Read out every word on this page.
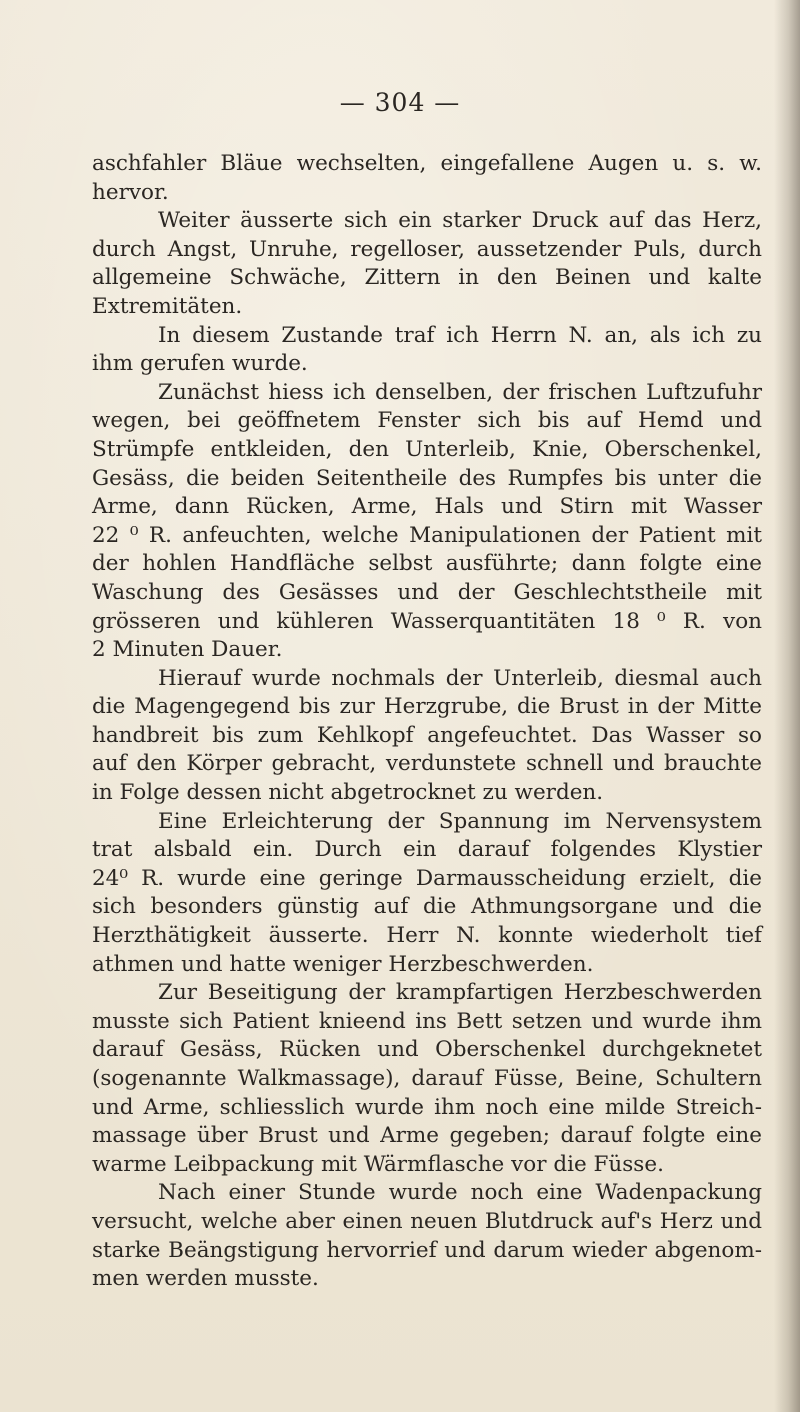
— 304 —

aschfahler Bläue wechselten, eingefallene Augen u. s. w.
hervor.

Weiter äusserte sich ein starker Druck auf das Herz,
durch Angst, Unruhe, regelloser, aussetzender Puls, durch
allgemeine Schwäche, Zittern in den Beinen und kalte
Extremitäten.

In diesem Zustande traf ich Herrn N. an, als ich zu
ihm gerufen wurde.

Zunächst hiess ich denselben, der frischen Luftzufuhr
wegen, bei geöffnetem Fenster sich bis auf Hemd und
Strümpfe entkleiden, den Unterleib, Knie, Oberschenkel,
Gesäss, die beiden Seitentheile des Rumpfes bis unter die
Arme, dann Rücken, Arme, Hals und Stirn mit Wasser
22 ⁰ R. anfeuchten, welche Manipulationen der Patient mit
der hohlen Handfläche selbst ausführte; dann folgte eine
Waschung des Gesässes und der Geschlechtstheile mit
grösseren und kühleren Wasserquantitäten 18 ⁰ R. von
2 Minuten Dauer.

Hierauf wurde nochmals der Unterleib, diesmal auch
die Magengegend bis zur Herzgrube, die Brust in der Mitte
handbreit bis zum Kehlkopf angefeuchtet. Das Wasser so
auf den Körper gebracht, verdunstete schnell und brauchte
in Folge dessen nicht abgetrocknet zu werden.

Eine Erleichterung der Spannung im Nervensystem
trat alsbald ein. Durch ein darauf folgendes Klystier
24⁰ R. wurde eine geringe Darmausscheidung erzielt, die
sich besonders günstig auf die Athmungsorgane und die
Herzthätigkeit äusserte. Herr N. konnte wiederholt tief
athmen und hatte weniger Herzbeschwerden.

Zur Beseitigung der krampfartigen Herzbeschwerden
musste sich Patient knieend ins Bett setzen und wurde ihm
darauf Gesäss, Rücken und Oberschenkel durchgeknetet
(sogenannte Walkmassage), darauf Füsse, Beine, Schultern
und Arme, schliesslich wurde ihm noch eine milde Streich-
massage über Brust und Arme gegeben; darauf folgte eine
warme Leibpackung mit Wärmflasche vor die Füsse.

Nach einer Stunde wurde noch eine Wadenpackung
versucht, welche aber einen neuen Blutdruck auf's Herz und
starke Beängstigung hervorrief und darum wieder abgenom-
men werden musste.
